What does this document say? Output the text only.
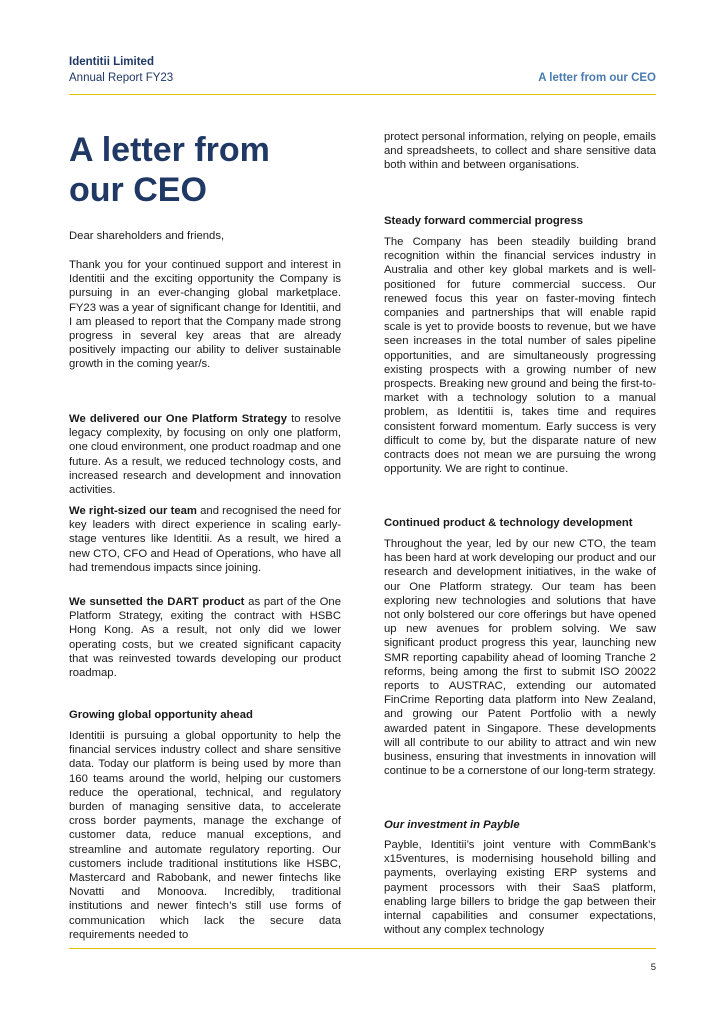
Identitii Limited
Annual Report FY23	A letter from our CEO
A letter from
our CEO

Dear shareholders and friends,

Thank you for your continued support and interest in Identitii and the exciting opportunity the Company is pursuing in an ever-changing global marketplace. FY23 was a year of significant change for Identitii, and I am pleased to report that the Company made strong progress in several key areas that are already positively impacting our ability to deliver sustainable growth in the coming year/s.

We delivered our One Platform Strategy to resolve legacy complexity, by focusing on only one platform, one cloud environment, one product roadmap and one future. As a result, we reduced technology costs, and increased research and development and innovation activities.

We right-sized our team and recognised the need for key leaders with direct experience in scaling early-stage ventures like Identitii. As a result, we hired a new CTO, CFO and Head of Operations, who have all had tremendous impacts since joining.

We sunsetted the DART product as part of the One Platform Strategy, exiting the contract with HSBC Hong Kong. As a result, not only did we lower operating costs, but we created significant capacity that was reinvested towards developing our product roadmap.

Growing global opportunity ahead

Identitii is pursuing a global opportunity to help the financial services industry collect and share sensitive data. Today our platform is being used by more than 160 teams around the world, helping our customers reduce the operational, technical, and regulatory burden of managing sensitive data, to accelerate cross border payments, manage the exchange of customer data, reduce manual exceptions, and streamline and automate regulatory reporting. Our customers include traditional institutions like HSBC, Mastercard and Rabobank, and newer fintechs like Novatti and Monoova. Incredibly, traditional institutions and newer fintech’s still use forms of communication which lack the secure data requirements needed to

protect personal information, relying on people, emails and spreadsheets, to collect and share sensitive data both within and between organisations.

Steady forward commercial progress

The Company has been steadily building brand recognition within the financial services industry in Australia and other key global markets and is well-positioned for future commercial success. Our renewed focus this year on faster-moving fintech companies and partnerships that will enable rapid scale is yet to provide boosts to revenue, but we have seen increases in the total number of sales pipeline opportunities, and are simultaneously progressing existing prospects with a growing number of new prospects. Breaking new ground and being the first-to-market with a technology solution to a manual problem, as Identitii is, takes time and requires consistent forward momentum. Early success is very difficult to come by, but the disparate nature of new contracts does not mean we are pursuing the wrong opportunity. We are right to continue.

Continued product & technology development

Throughout the year, led by our new CTO, the team has been hard at work developing our product and our research and development initiatives, in the wake of our One Platform strategy. Our team has been exploring new technologies and solutions that have not only bolstered our core offerings but have opened up new avenues for problem solving. We saw significant product progress this year, launching new SMR reporting capability ahead of looming Tranche 2 reforms, being among the first to submit ISO 20022 reports to AUSTRAC, extending our automated FinCrime Reporting data platform into New Zealand, and growing our Patent Portfolio with a newly awarded patent in Singapore. These developments will all contribute to our ability to attract and win new business, ensuring that investments in innovation will continue to be a cornerstone of our long-term strategy.

Our investment in Payble

Payble, Identitii’s joint venture with CommBank’s x15ventures, is modernising household billing and payments, overlaying existing ERP systems and payment processors with their SaaS platform, enabling large billers to bridge the gap between their internal capabilities and consumer expectations, without any complex technology

5
